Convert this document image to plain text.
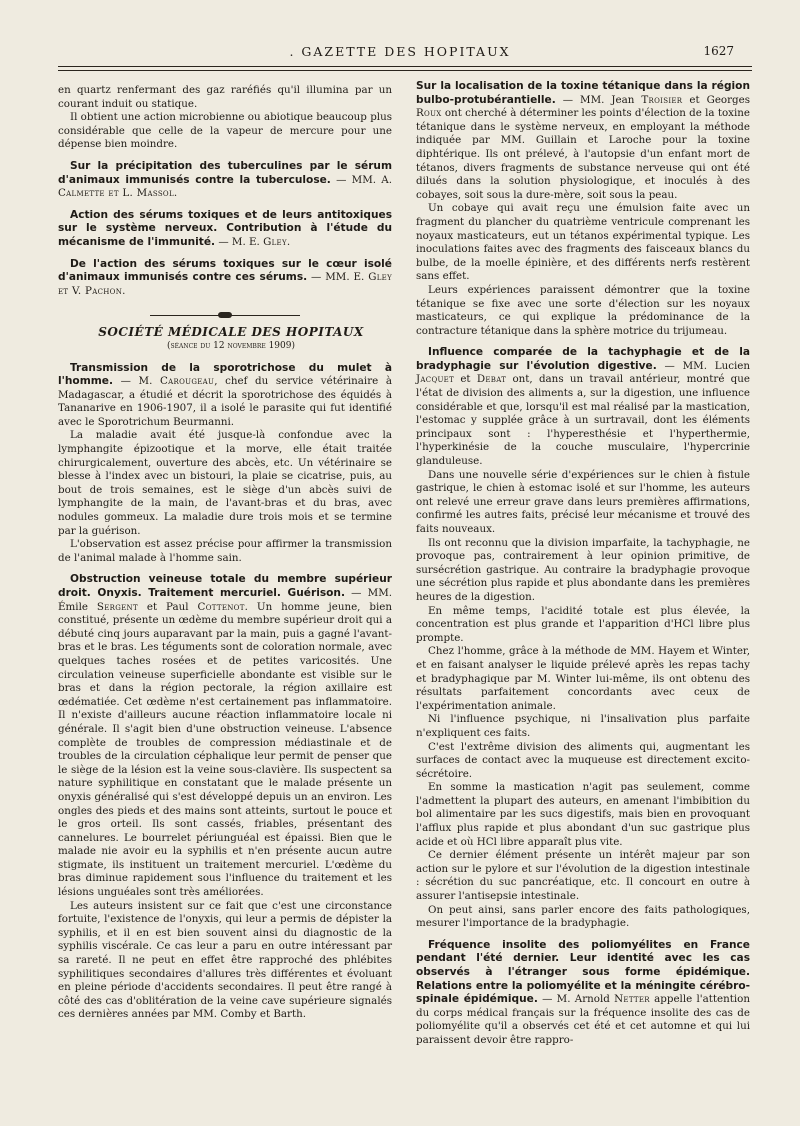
. GAZETTE DES HOPITAUX	1627

en quartz renfermant des gaz raréfiés qu'il illumina par un courant induit ou statique.

Il obtient une action microbienne ou abiotique beaucoup plus considérable que celle de la vapeur de mercure pour une dépense bien moindre.

Sur la précipitation des tuberculines par le sérum d'animaux immunisés contre la tuberculose. — MM. A. Calmette et L. Massol.

Action des sérums toxiques et de leurs antitoxiques sur le système nerveux. Contribution à l'étude du mécanisme de l'immunité. — M. E. Gley.

De l'action des sérums toxiques sur le cœur isolé d'animaux immunisés contre ces sérums. — MM. E. Gley et V. Pachon.

SOCIÉTÉ MÉDICALE DES HOPITAUX

(séance du 12 novembre 1909)

Transmission de la sporotrichose du mulet à l'homme. — M. Carougeau, chef du service vétérinaire à Madagascar, a étudié et décrit la sporotrichose des équidés à Tananarive en 1906-1907, il a isolé le parasite qui fut identifié avec le Sporotrichum Beurmanni.

La maladie avait été jusque-là confondue avec la lymphangite épizootique et la morve, elle était traitée chirurgicalement, ouverture des abcès, etc. Un vétérinaire se blesse à l'index avec un bistouri, la plaie se cicatrise, puis, au bout de trois semaines, est le siège d'un abcès suivi de lymphangite de la main, de l'avant-bras et du bras, avec nodules gommeux. La maladie dure trois mois et se termine par la guérison.

L'observation est assez précise pour affirmer la transmission de l'animal malade à l'homme sain.

Obstruction veineuse totale du membre supérieur droit. Onyxis. Traitement mercuriel. Guérison. — MM. Émile Sergent et Paul Cottenot. Un homme jeune, bien constitué, présente un œdème du membre supérieur droit qui a débuté cinq jours auparavant par la main, puis a gagné l'avant-bras et le bras. Les téguments sont de coloration normale, avec quelques taches rosées et de petites varicosités. Une circulation veineuse superficielle abondante est visible sur le bras et dans la région pectorale, la région axillaire est œdématiée. Cet œdème n'est certainement pas inflammatoire. Il n'existe d'ailleurs aucune réaction inflammatoire locale ni générale. Il s'agit bien d'une obstruction veineuse. L'absence complète de troubles de compression médiastinale et de troubles de la circulation céphalique leur permit de penser que le siège de la lésion est la veine sous-clavière. Ils suspectent sa nature syphilitique en constatant que le malade présente un onyxis généralisé qui s'est développé depuis un an environ. Les ongles des pieds et des mains sont atteints, surtout le pouce et le gros orteil. Ils sont cassés, friables, présentant des cannelures. Le bourrelet périunguéal est épaissi. Bien que le malade nie avoir eu la syphilis et n'en présente aucun autre stigmate, ils instituent un traitement mercuriel. L'œdème du bras diminue rapidement sous l'influence du traitement et les lésions unguéales sont très améliorées.

Les auteurs insistent sur ce fait que c'est une circonstance fortuite, l'existence de l'onyxis, qui leur a permis de dépister la syphilis, et il en est bien souvent ainsi du diagnostic de la syphilis viscérale. Ce cas leur a paru en outre intéressant par sa rareté. Il ne peut en effet être rapproché des phlébites syphilitiques secondaires d'allures très différentes et évoluant en pleine période d'accidents secondaires. Il peut être rangé à côté des cas d'oblitération de la veine cave supérieure signalés ces dernières années par MM. Comby et Barth.

Sur la localisation de la toxine tétanique dans la région bulbo-protubérantielle. — MM. Jean Troisier et Georges Roux ont cherché à déterminer les points d'élection de la toxine tétanique dans le système nerveux, en employant la méthode indiquée par MM. Guillain et Laroche pour la toxine diphtérique. Ils ont prélevé, à l'autopsie d'un enfant mort de tétanos, divers fragments de substance nerveuse qui ont été dilués dans la solution physiologique, et inoculés à des cobayes, soit sous la dure-mère, soit sous la peau.

Un cobaye qui avait reçu une émulsion faite avec un fragment du plancher du quatrième ventricule comprenant les noyaux masticateurs, eut un tétanos expérimental typique. Les inoculations faites avec des fragments des faisceaux blancs du bulbe, de la moelle épinière, et des différents nerfs restèrent sans effet.

Leurs expériences paraissent démontrer que la toxine tétanique se fixe avec une sorte d'élection sur les noyaux masticateurs, ce qui explique la prédominance de la contracture tétanique dans la sphère motrice du trijumeau.

Influence comparée de la tachyphagie et de la bradyphagie sur l'évolution digestive. — MM. Lucien Jacquet et Debat ont, dans un travail antérieur, montré que l'état de division des aliments a, sur la digestion, une influence considérable et que, lorsqu'il est mal réalisé par la mastication, l'estomac y supplée grâce à un surtravail, dont les éléments principaux sont : l'hyperesthésie et l'hyperthermie, l'hyperkinésie de la couche musculaire, l'hypercrinie glanduleuse.

Dans une nouvelle série d'expériences sur le chien à fistule gastrique, le chien à estomac isolé et sur l'homme, les auteurs ont relevé une erreur grave dans leurs premières affirmations, confirmé les autres faits, précisé leur mécanisme et trouvé des faits nouveaux.

Ils ont reconnu que la division imparfaite, la tachyphagie, ne provoque pas, contrairement à leur opinion primitive, de sursécrétion gastrique. Au contraire la bradyphagie provoque une sécrétion plus rapide et plus abondante dans les premières heures de la digestion.

En même temps, l'acidité totale est plus élevée, la concentration est plus grande et l'apparition d'HCl libre plus prompte.

Chez l'homme, grâce à la méthode de MM. Hayem et Winter, et en faisant analyser le liquide prélevé après les repas tachy et bradyphagique par M. Winter lui-même, ils ont obtenu des résultats parfaitement concordants avec ceux de l'expérimentation animale.

Ni l'influence psychique, ni l'insalivation plus parfaite n'expliquent ces faits.

C'est l'extrême division des aliments qui, augmentant les surfaces de contact avec la muqueuse est directement excito-sécrétoire.

En somme la mastication n'agit pas seulement, comme l'admettent la plupart des auteurs, en amenant l'imbibition du bol alimentaire par les sucs digestifs, mais bien en provoquant l'afflux plus rapide et plus abondant d'un suc gastrique plus acide et où HCl libre apparaît plus vite.

Ce dernier élément présente un intérêt majeur par son action sur le pylore et sur l'évolution de la digestion intestinale : sécrétion du suc pancréatique, etc. Il concourt en outre à assurer l'antisepsie intestinale.

On peut ainsi, sans parler encore des faits pathologiques, mesurer l'importance de la bradyphagie.

Fréquence insolite des poliomyélites en France pendant l'été dernier. Leur identité avec les cas observés à l'étranger sous forme épidémique. Relations entre la poliomyélite et la méningite cérébro-spinale épidémique. — M. Arnold Netter appelle l'attention du corps médical français sur la fréquence insolite des cas de poliomyélite qu'il a observés cet été et cet automne et qui lui paraissent devoir être rappro-
